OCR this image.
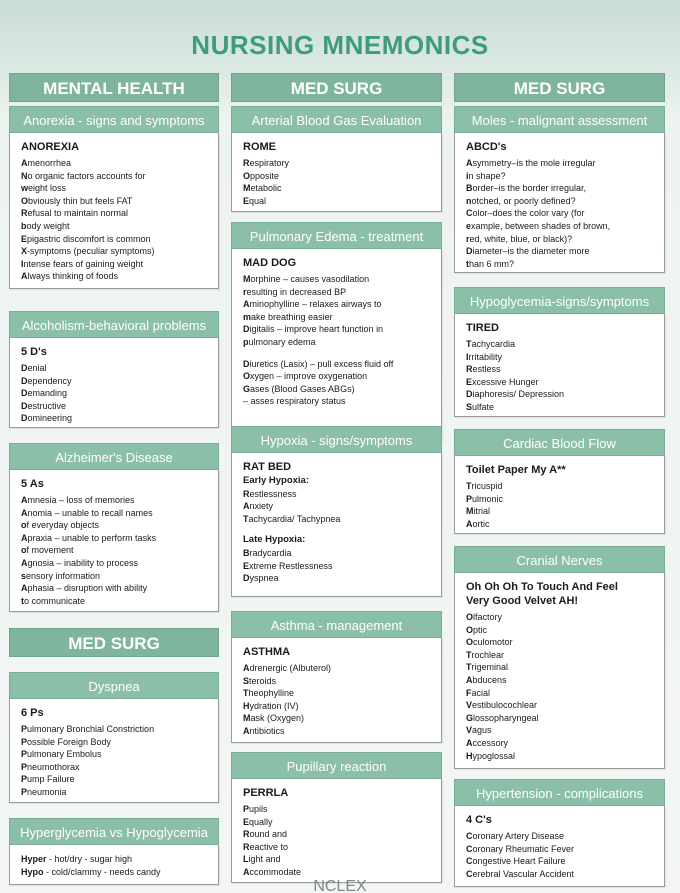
NURSING MNEMONICS
MENTAL HEALTH	MED SURG	MED SURG
Anorexia - signs and symptoms
ANOREXIA
Amenorrhea
No organic factors accounts for
weight loss
Obviously thin but feels FAT
Refusal to maintain normal
body weight
Epigastric discomfort is common
X-symptoms (peculiar symptoms)
Intense fears of gaining weight
Always thinking of foods
Alcoholism-behavioral problems
5 D's
Denial
Dependency
Demanding
Destructive
Domineering
Alzheimer's Disease
5 As
Amnesia – loss of memories
Anomia – unable to recall names
of everyday objects
Apraxia – unable to perform tasks
of movement
Agnosia – inability to process
sensory information
Aphasia – disruption with ability
to communicate
MED SURG
Dyspnea
6 Ps
Pulmonary Bronchial Constriction
Possible Foreign Body
Pulmonary Embolus
Pneumothorax
Pump Failure
Pneumonia
Hyperglycemia vs Hypoglycemia
Hyper - hot/dry - sugar high
Hypo - cold/clammy - needs candy
Arterial Blood Gas Evaluation
ROME
Respiratory
Opposite
Metabolic
Equal
Pulmonary Edema - treatment
MAD DOG
Morphine – causes vasodilation
resulting in decreased BP
Aminophylline – relaxes airways to
make breathing easier
Digitalis – improve heart function in
pulmonary edema
Diuretics (Lasix) – pull excess fluid off
Oxygen – improve oxygenation
Gases (Blood Gases ABGs)
– asses respiratory status
Hypoxia - signs/symptoms
RAT BED
Early Hypoxia:
Restlessness
Anxiety
Tachycardia/ Tachypnea
Late Hypoxia:
Bradycardia
Extreme Restlessness
Dyspnea
Asthma - management
ASTHMA
Adrenergic (Albuterol)
Steroids
Theophylline
Hydration (IV)
Mask (Oxygen)
Antibiotics
Pupillary reaction
PERRLA
Pupils
Equally
Round and
Reactive to
Light and
Accommodate
Moles - malignant assessment
ABCD's
Asymmetry–is the mole irregular
in shape?
Border–is the border irregular,
notched, or poorly defined?
Color–does the color vary (for
example, between shades of brown,
red, white, blue, or black)?
Diameter–is the diameter more
than 6 mm?
Hypoglycemia-signs/symptoms
TIRED
Tachycardia
Irritability
Restless
Excessive Hunger
Diaphoresis/ Depression
Sulfate
Cardiac Blood Flow
Toilet Paper My A**
Tricuspid
Pulmonic
Mitrial
Aortic
Cranial Nerves
Oh Oh Oh To Touch And Feel
Very Good Velvet AH!
Olfactory
Optic
Oculomotor
Trochlear
Trigeminal
Abducens
Facial
Vestibulocochlear
Glossopharyngeal
Vagus
Accessory
Hypoglossal
Hypertension - complications
4 C's
Coronary Artery Disease
Coronary Rheumatic Fever
Congestive Heart Failure
Cerebral Vascular Accident
NCLEX
